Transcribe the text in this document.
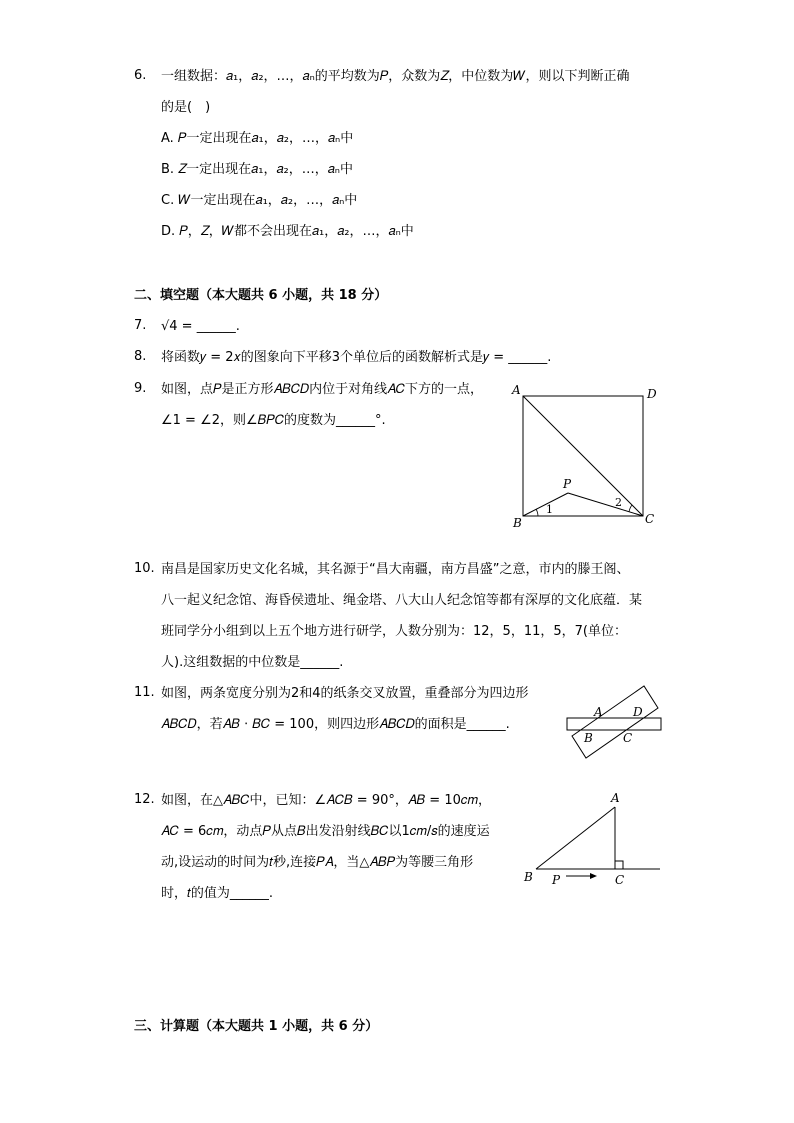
6. 一组数据：𝑎₁，𝑎₂，…，𝑎ₙ的平均数为𝑃，众数为𝑍，中位数为𝑊，则以下判断正确
的是(　)
A. 𝑃一定出现在𝑎₁，𝑎₂，…，𝑎ₙ中
B. 𝑍一定出现在𝑎₁，𝑎₂，…，𝑎ₙ中
C. 𝑊一定出现在𝑎₁，𝑎₂，…，𝑎ₙ中
D. 𝑃，𝑍，𝑊都不会出现在𝑎₁，𝑎₂，…，𝑎ₙ中
二、填空题（本大题共 6 小题，共 18 分）
7. √4 = ______.
8. 将函数𝑦 = 2𝑥的图象向下平移3个单位后的函数解析式是𝑦 = ______.
9. 如图，点𝑃是正方形𝐴𝐵𝐶𝐷内位于对角线𝐴𝐶下方的一点，
∠1 = ∠2，则∠𝐵𝑃𝐶的度数为______°.
A	D
B	C
P
1
2
10. 南昌是国家历史文化名城，其名源于“昌大南疆，南方昌盛”之意，市内的滕王阁、
八一起义纪念馆、海昏侯遗址、绳金塔、八大山人纪念馆等都有深厚的文化底蕴．某
班同学分小组到以上五个地方进行研学，人数分别为：12，5，11，5，7(单位：
人).这组数据的中位数是______.
11. 如图，两条宽度分别为2和4的纸条交叉放置，重叠部分为四边形
𝐴𝐵𝐶𝐷，若𝐴𝐵 ⋅ 𝐵𝐶 = 100，则四边形𝐴𝐵𝐶𝐷的面积是______.
A	D
B	C
12. 如图，在△𝐴𝐵𝐶中，已知：∠𝐴𝐶𝐵 = 90°，𝐴𝐵 = 10𝑐𝑚，
𝐴𝐶 = 6𝑐𝑚，动点𝑃从点𝐵出发沿射线𝐵𝐶以1𝑐𝑚/𝑠的速度运
动,设运动的时间为𝑡秒,连接𝑃𝐴，当△𝐴𝐵𝑃为等腰三角形
时，𝑡的值为______.
A
B P	C
三、计算题（本大题共 1 小题，共 6 分）
